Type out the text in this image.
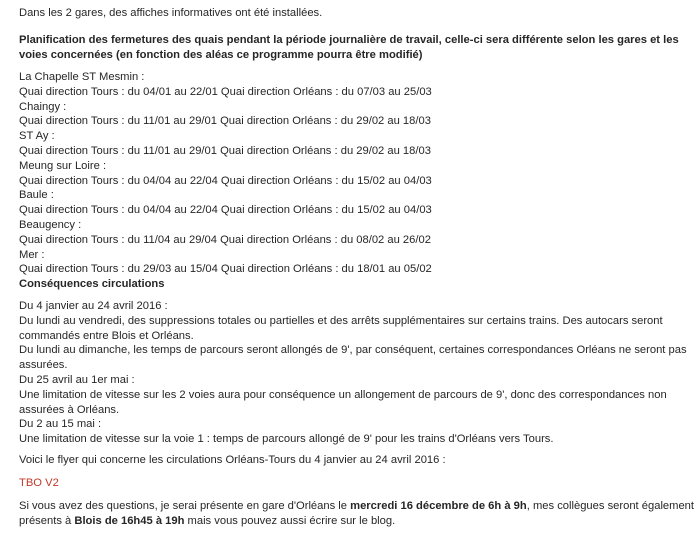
Dans les 2 gares, des affiches informatives ont été installées.

Planification des fermetures des quais pendant la période journalière de travail, celle-ci sera différente selon les gares et les
voies concernées (en fonction des aléas ce programme pourra être modifié)
La Chapelle ST Mesmin :
Quai direction Tours : du 04/01 au 22/01 Quai direction Orléans : du 07/03 au 25/03
Chaingy :
Quai direction Tours : du 11/01 au 29/01 Quai direction Orléans : du 29/02 au 18/03
ST Ay :
Quai direction Tours : du 11/01 au 29/01 Quai direction Orléans : du 29/02 au 18/03
Meung sur Loire :
Quai direction Tours : du 04/04 au 22/04 Quai direction Orléans : du 15/02 au 04/03
Baule :
Quai direction Tours : du 04/04 au 22/04 Quai direction Orléans : du 15/02 au 04/03
Beaugency :
Quai direction Tours : du 11/04 au 29/04 Quai direction Orléans : du 08/02 au 26/02
Mer :
Quai direction Tours : du 29/03 au 15/04 Quai direction Orléans : du 18/01 au 05/02

Conséquences circulations

Du 4 janvier au 24 avril 2016 :
Du lundi au vendredi, des suppressions totales ou partielles et des arrêts supplémentaires sur certains trains. Des autocars seront
commandés entre Blois et Orléans.
Du lundi au dimanche, les temps de parcours seront allongés de 9', par conséquent, certaines correspondances Orléans ne seront pas
assurées.
Du 25 avril au 1er mai :
Une limitation de vitesse sur les 2 voies aura pour conséquence un allongement de parcours de 9', donc des correspondances non
assurées à Orléans.
Du 2 au 15 mai :
Une limitation de vitesse sur la voie 1 : temps de parcours allongé de 9' pour les trains d'Orléans vers Tours.

Voici le flyer qui concerne les circulations Orléans-Tours du 4 janvier au 24 avril 2016 :

TBO V2

Si vous avez des questions, je serai présente en gare d'Orléans le mercredi 16 décembre de 6h à 9h, mes collègues seront également
présents à Blois de 16h45 à 19h mais vous pouvez aussi écrire sur le blog.
